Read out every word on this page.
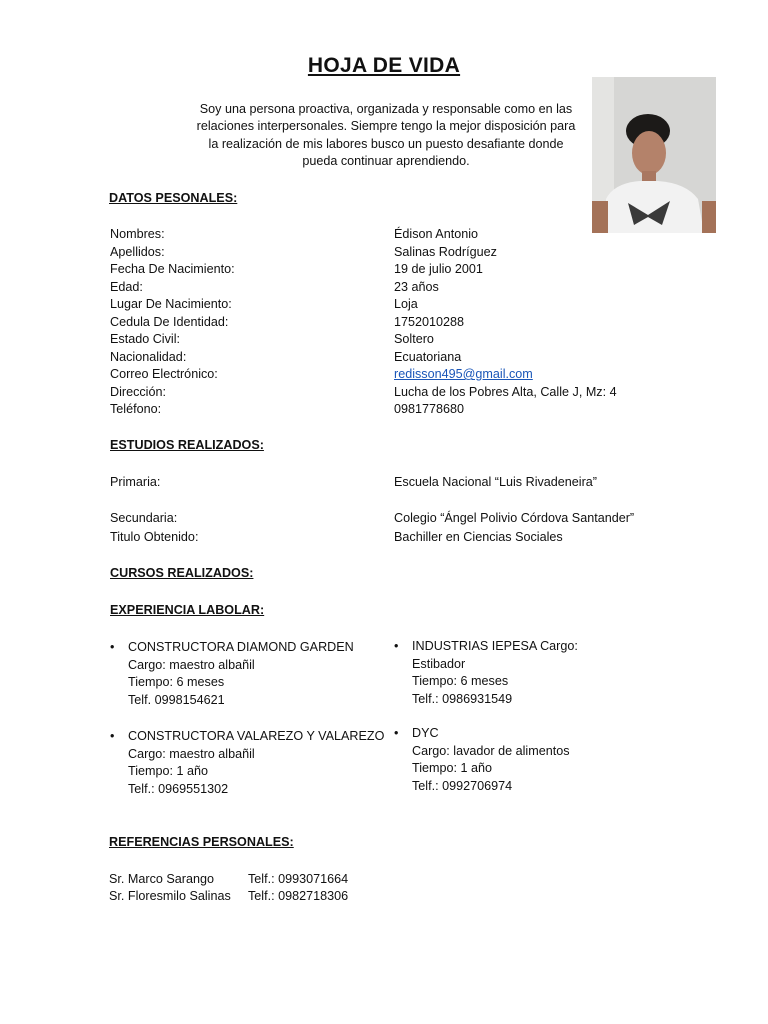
HOJA DE VIDA
Soy una persona proactiva, organizada y responsable como en las relaciones interpersonales. Siempre tengo la mejor disposición para la realización de mis labores busco un puesto desafiante donde pueda continuar aprendiendo.
DATOS PESONALES:
Nombres:	Édison Antonio
Apellidos:	Salinas Rodríguez
Fecha De Nacimiento:	19 de julio 2001
Edad:	23 años
Lugar De Nacimiento:	Loja
Cedula De Identidad:	1752010288
Estado Civil:	Soltero
Nacionalidad:	Ecuatoriana
Correo Electrónico:	redisson495@gmail.com
Dirección:	Lucha de los Pobres Alta, Calle J, Mz: 4
Teléfono:	0981778680
ESTUDIOS REALIZADOS:
Primaria:	Escuela Nacional “Luis Rivadeneira”
Secundaria:	Colegio “Ángel Polivio Córdova Santander”
Titulo Obtenido:	Bachiller en Ciencias Sociales
CURSOS REALIZADOS:
EXPERIENCIA LABOLAR:
• CONSTRUCTORA DIAMOND GARDEN
Cargo: maestro albañil
Tiempo: 6 meses
Telf. 0998154621
• CONSTRUCTORA VALAREZO Y VALAREZO
Cargo: maestro albañil
Tiempo: 1 año
Telf.: 0969551302
• INDUSTRIAS IEPESA Cargo:
Estibador
Tiempo: 6 meses
Telf.: 0986931549
• DYC
Cargo: lavador de alimentos
Tiempo: 1 año
Telf.: 0992706974
REFERENCIAS PERSONALES:
Sr. Marco Sarango	Telf.: 0993071664
Sr. Floresmilo Salinas Telf.: 0982718306
